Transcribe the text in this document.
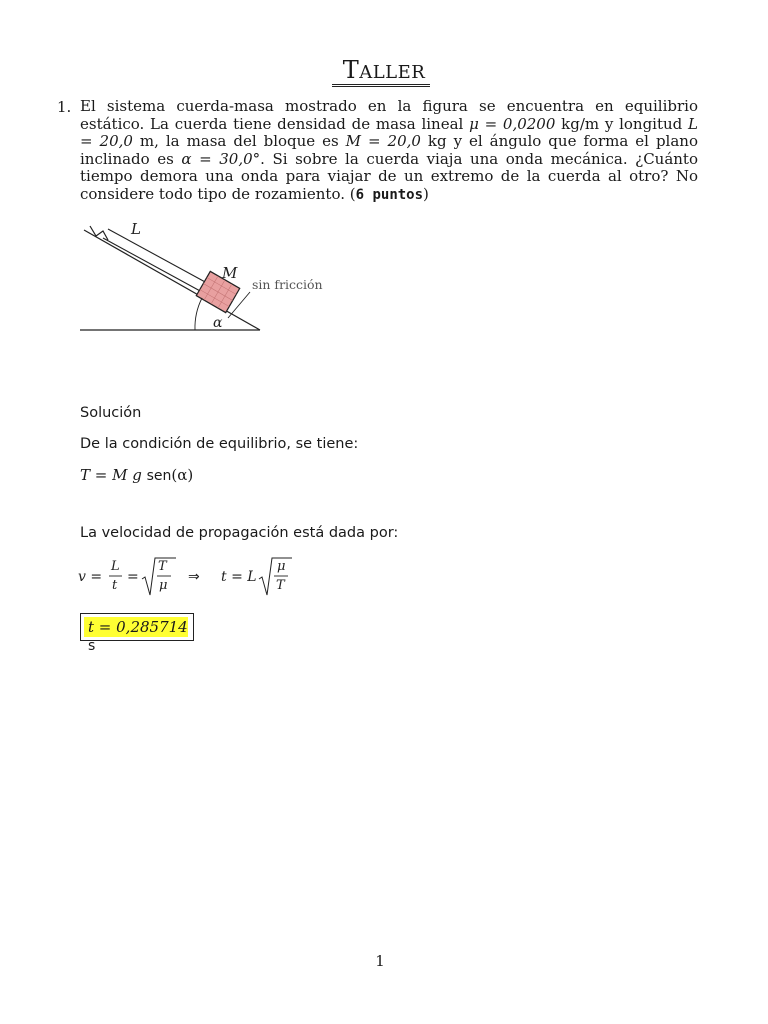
TALLER
1. El sistema cuerda-masa mostrado en la figura se encuentra en equilibrio estático. La cuerda tiene densidad de masa lineal μ = 0,0200 kg/m y longitud L = 20,0 m, la masa del bloque es M = 20,0 kg y el ángulo que forma el plano inclinado es α = 30,0°. Si sobre la cuerda viaja una onda mecánica. ¿Cuánto tiempo demora una onda para viajar de un extremo de la cuerda al otro? No considere todo tipo de rozamiento. (6 puntos)

L
M
sin fricción
α
Solución
De la condición de equilibrio, se tiene:
T = M g sen(α)
La velocidad de propagación está dada por:
v =
L
t
=
T
μ
⇒ t = L
μ
T
t = 0,285714 s
1
